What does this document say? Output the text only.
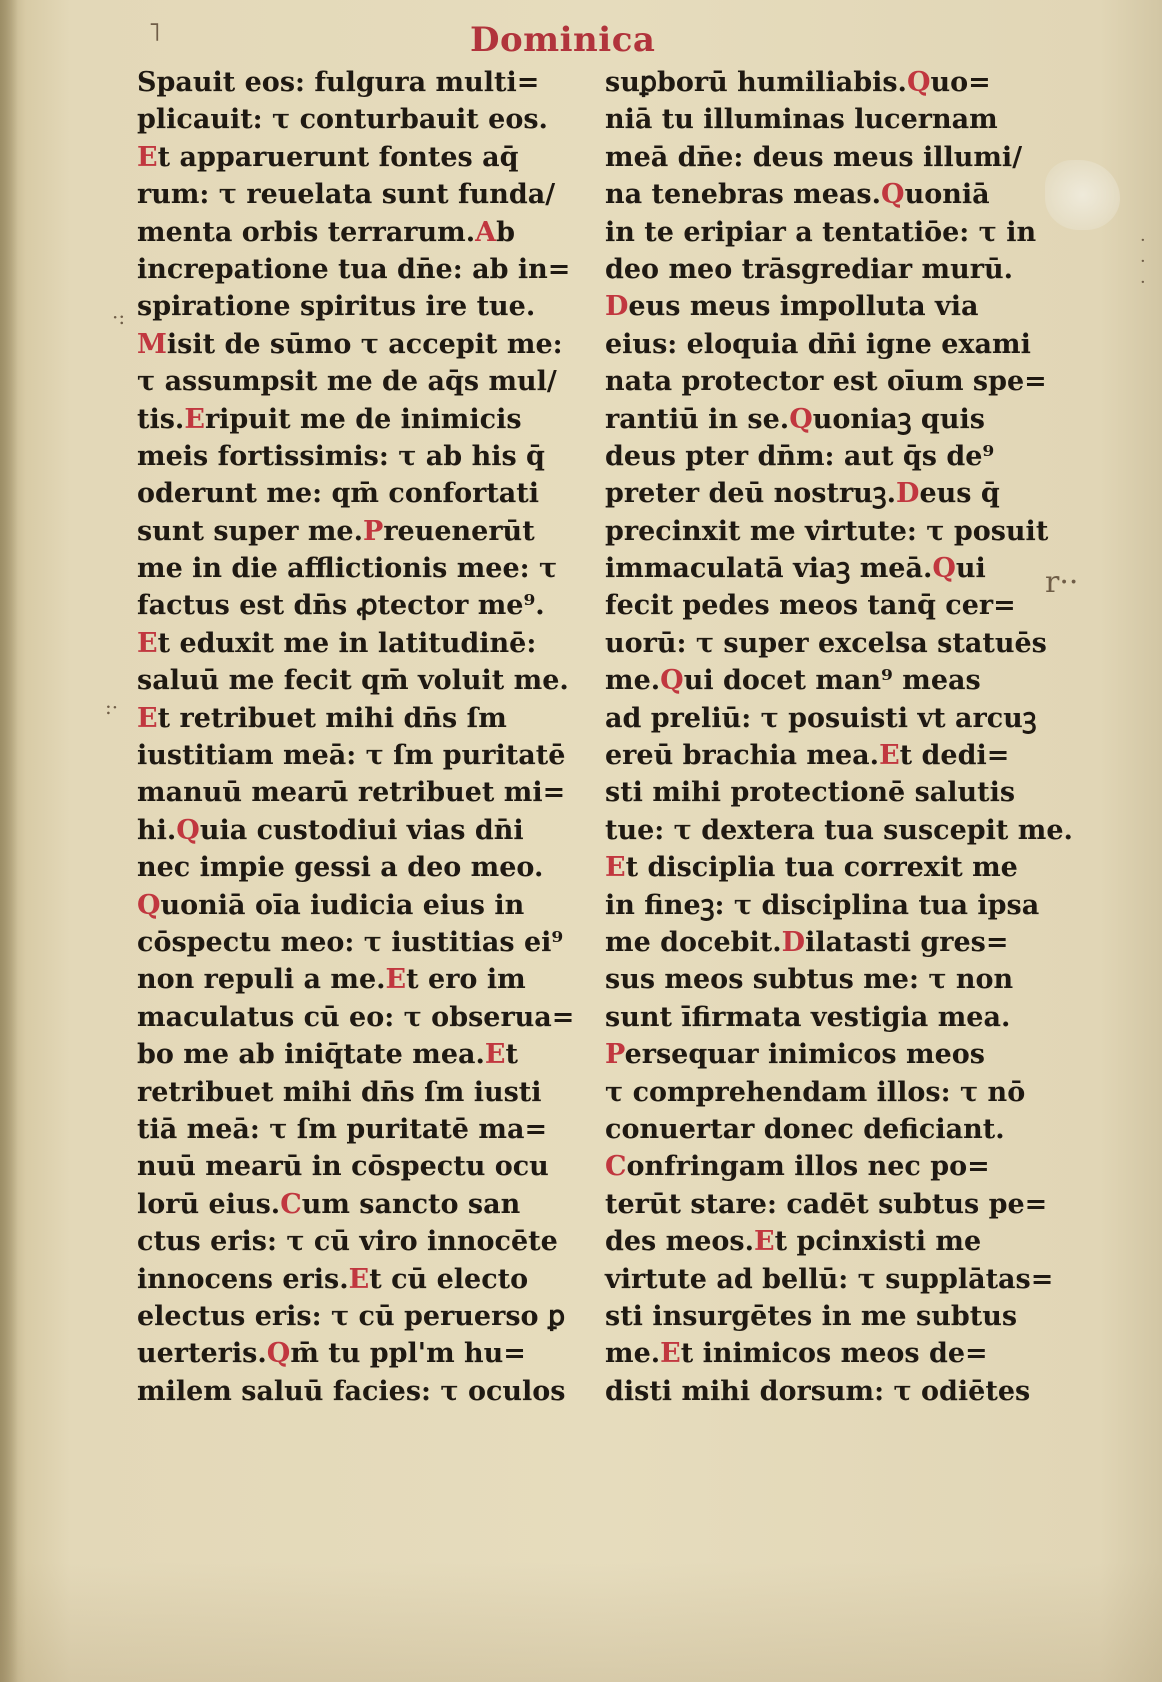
˥
r··
·:
:·
·
·
·
Dominica
Spauit eos: fulgura multi=
plicauit: τ conturbauit eos.
Et apparuerunt fontes aq̄
rum: τ reuelata sunt funda/
menta orbis terrarum.Ab
increpatione tua dn̄e: ab in=
spiratione spiritus ire tue.
Misit de sūmo τ accepit me:
τ assumpsit me de aq̄s mul/
tis.Eripuit me de inimicis
meis fortissimis: τ ab his q̄
oderunt me: qm̄ confortati
sunt super me.Preuenerūt
me in die afflictionis mee: τ
factus est dn̄s ꝓtector me⁹.
Et eduxit me in latitudinē:
saluū me fecit qm̄ voluit me.
Et retribuet mihi dn̄s ſm
iustitiam meā: τ ſm puritatē
manuū mearū retribuet mi=
hi.Quia custodiui vias dn̄i
nec impie gessi a deo meo.
Quoniā oīa iudicia eius in
cōspectu meo: τ iustitias ei⁹
non repuli a me.Et ero im
maculatus cū eo: τ obserua=
bo me ab iniq̄tate mea.Et
retribuet mihi dn̄s ſm iusti
tiā meā: τ ſm puritatē ma=
nuū mearū in cōspectu ocu
lorū eius.Cum sancto san
ctus eris: τ cū viro innocēte
innocens eris.Et cū electo
electus eris: τ cū peruerso ꝑ
uerteris.Qm̄ tu ppl'm hu=
milem saluū facies: τ oculos
suꝑborū humiliabis.Quo=
niā tu illuminas lucernam
meā dn̄e: deus meus illumi/
na tenebras meas.Quoniā
in te eripiar a tentatiōe: τ in
deo meo trāsgrediar murū.
Deus meus impolluta via
eius: eloquia dn̄i igne exami
nata protector est oīum spe=
rantiū in se.Quoniaꝫ quis
deus pter dn̄m: aut q̄s de⁹
preter deū nostruꝫ.Deus q̄
precinxit me virtute: τ posuit
immaculatā viaꝫ meā.Qui
fecit pedes meos tanq̄ cer=
uorū: τ super excelsa statuēs
me.Qui docet man⁹ meas
ad preliū: τ posuisti vt arcuꝫ
ereū brachia mea.Et dedi=
sti mihi protectionē salutis
tue: τ dextera tua suscepit me.
Et disciplia tua correxit me
in fineꝫ: τ disciplina tua ipsa
me docebit.Dilatasti gres=
sus meos subtus me: τ non
sunt īfirmata vestigia mea.
Persequar inimicos meos
τ comprehendam illos: τ nō
conuertar donec deficiant.
Confringam illos nec po=
terūt stare: cadēt subtus pe=
des meos.Et pcinxisti me
virtute ad bellū: τ supplātas=
sti insurgētes in me subtus
me.Et inimicos meos de=
disti mihi dorsum: τ odiētes
